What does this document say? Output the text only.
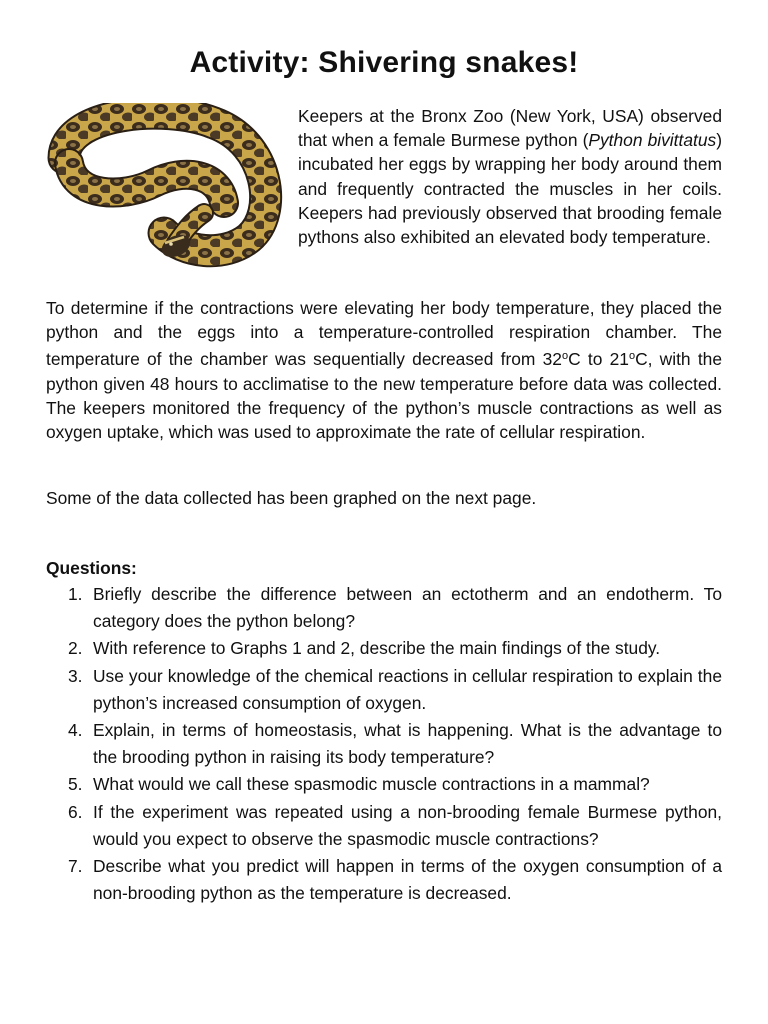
Activity: Shivering snakes!

Keepers at the Bronx Zoo (New York, USA) observed that when a female Burmese python (Python bivittatus) incubated her eggs by wrapping her body around them and frequently contracted the muscles in her coils. Keepers had previously observed that brooding female pythons also exhibited an elevated body temperature.

To determine if the contractions were elevating her body temperature, they placed the python and the eggs into a temperature-controlled respiration chamber. The temperature of the chamber was sequentially decreased from 32$^o$C to 21$^o$C, with the python given 48 hours to acclimatise to the new temperature before data was collected. The keepers monitored the frequency of the python’s muscle contractions as well as oxygen uptake, which was used to approximate the rate of cellular respiration.

Some of the data collected has been graphed on the next page.

Questions:

1. Briefly describe the difference between an ectotherm and an endotherm. To category does the python belong?
2. With reference to Graphs 1 and 2, describe the main findings of the study.
3. Use your knowledge of the chemical reactions in cellular respiration to explain the python’s increased consumption of oxygen.
4. Explain, in terms of homeostasis, what is happening. What is the advantage to the brooding python in raising its body temperature?
5. What would we call these spasmodic muscle contractions in a mammal?
6. If the experiment was repeated using a non-brooding female Burmese python, would you expect to observe the spasmodic muscle contractions?
7. Describe what you predict will happen in terms of the oxygen consumption of a non-brooding python as the temperature is decreased.
